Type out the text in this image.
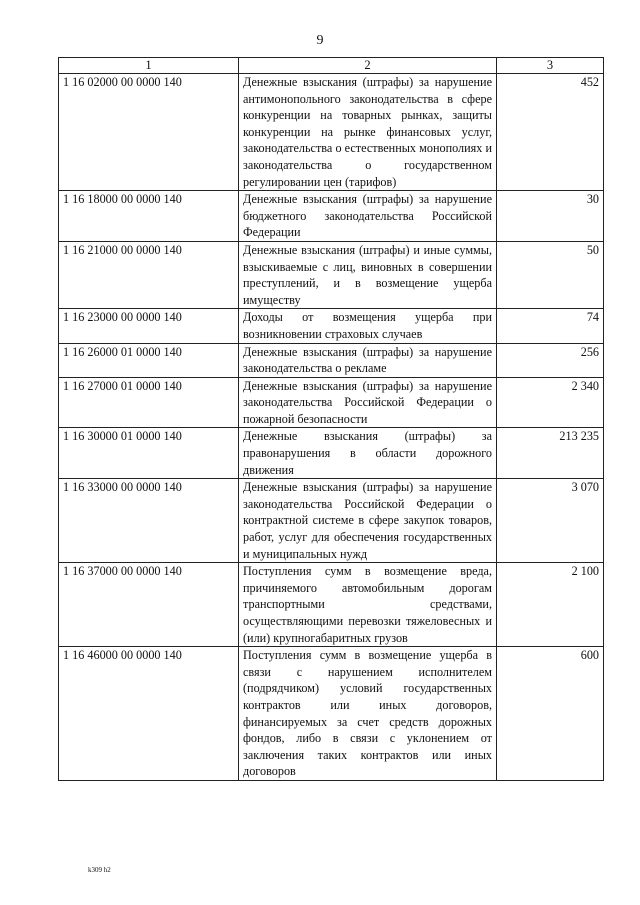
9
1	2	3
1 16 02000 00 0000 140	Денежные взыскания (штрафы) за нарушение антимонопольного законодательства в сфере конкуренции на товарных рынках, защиты конкуренции на рынке финансовых услуг, законодательства о естественных монополиях и законодательства о государственном регулировании цен (тарифов)	452
1 16 18000 00 0000 140	Денежные взыскания (штрафы) за нарушение бюджетного законодательства Российской Федерации	30
1 16 21000 00 0000 140	Денежные взыскания (штрафы) и иные суммы, взыскиваемые с лиц, виновных в совершении преступлений, и в возмещение ущерба имуществу	50
1 16 23000 00 0000 140	Доходы от возмещения ущерба при возникновении страховых случаев	74
1 16 26000 01 0000 140	Денежные взыскания (штрафы) за нарушение законодательства о рекламе	256
1 16 27000 01 0000 140	Денежные взыскания (штрафы) за нарушение законодательства Российской Федерации о пожарной безопасности	2 340
1 16 30000 01 0000 140	Денежные взыскания (штрафы) за правонарушения в области дорожного движения	213 235
1 16 33000 00 0000 140	Денежные взыскания (штрафы) за нарушение законодательства Российской Федерации о контрактной системе в сфере закупок товаров, работ, услуг для обеспечения государственных и муниципальных нужд	3 070
1 16 37000 00 0000 140	Поступления сумм в возмещение вреда, причиняемого автомобильным дорогам транспортными средствами, осуществляющими перевозки тяжеловесных и (или) крупногабаритных грузов	2 100
1 16 46000 00 0000 140	Поступления сумм в возмещение ущерба в связи с нарушением исполнителем (подрядчиком) условий государственных контрактов или иных договоров, финансируемых за счет средств дорожных фондов, либо в связи с уклонением от заключения таких контрактов или иных договоров	600
k309 h2
